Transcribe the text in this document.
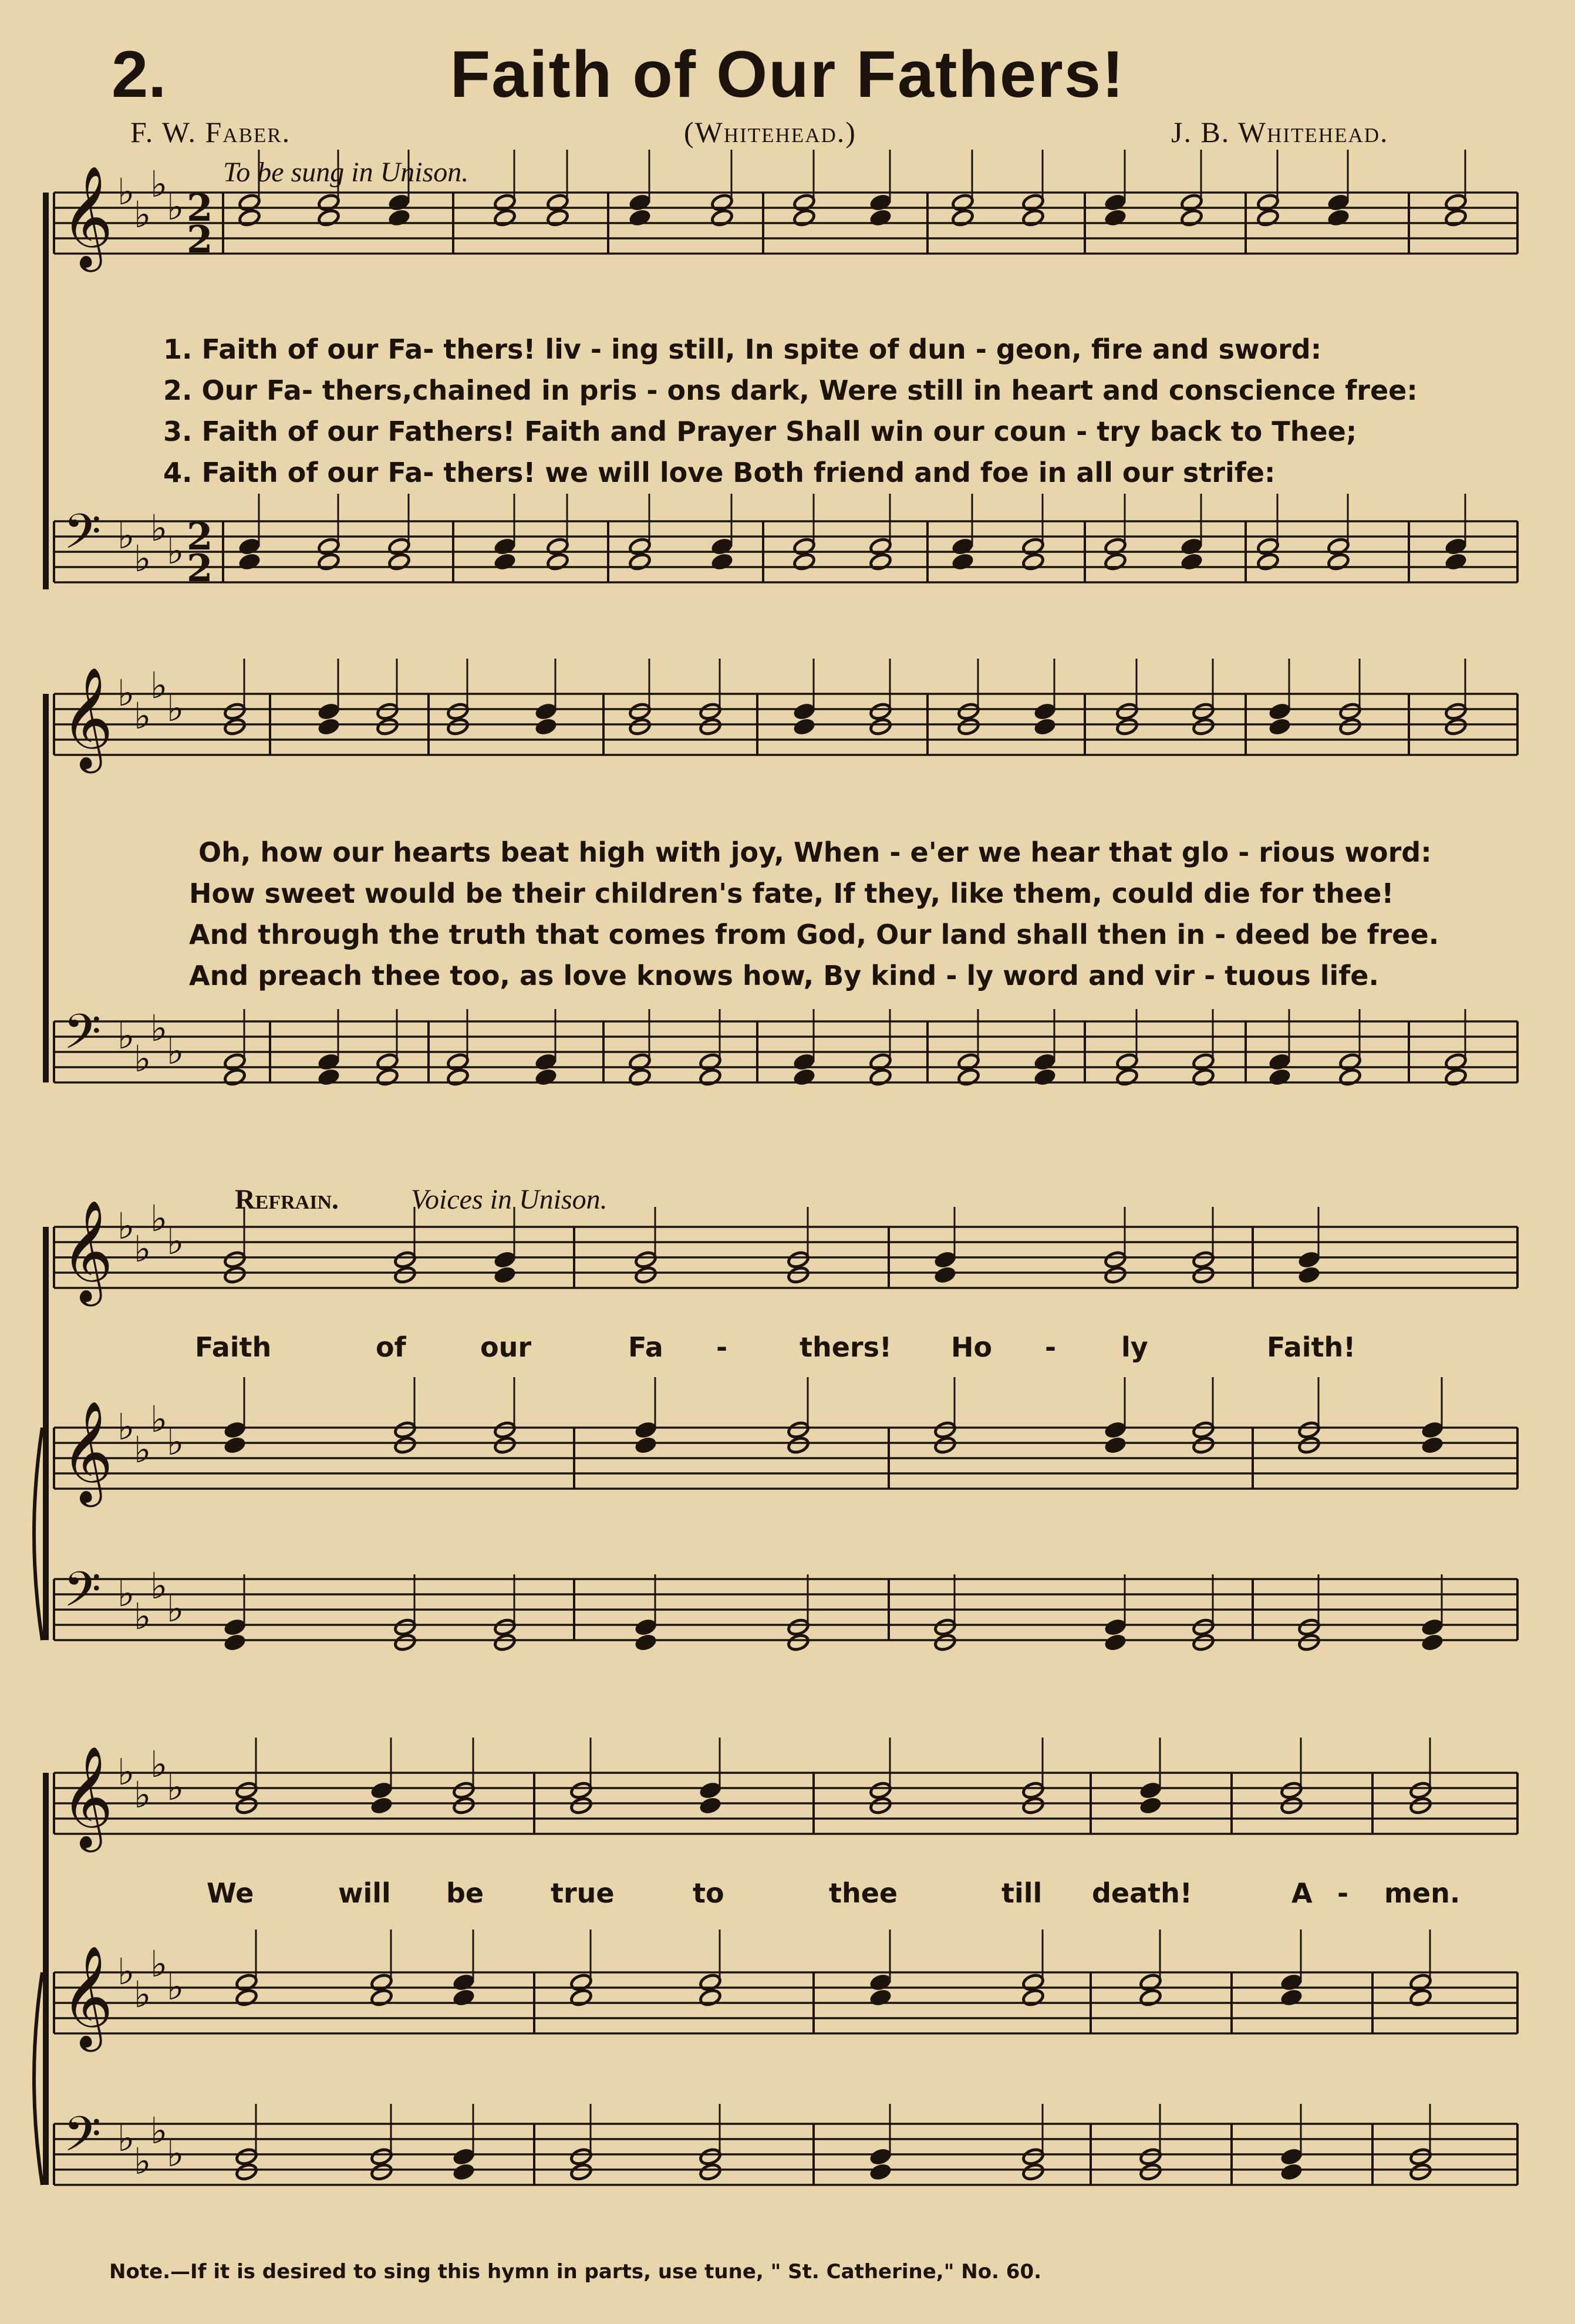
2.	Faith of Our Fathers!
F. W. Faber.	(Whitehead.)	J. B. Whitehead.
To be sung in Unison.
𝄞 ♭
♭
♭
♭ 2
2
𝄢 ♭
♭
♭
♭ 2
2
𝄞 ♭
♭
♭
♭
𝄢 ♭
♭
♭
♭
𝄞 ♭
♭
♭
♭
𝄞 ♭
♭
♭
♭
𝄢 ♭
♭
♭
♭
𝄞 ♭
♭
♭
♭
𝄞 ♭
♭
♭
♭
𝄢 ♭
♭
♭
♭
1. Faith of our Fa- thers! liv - ing still, In spite of dun - geon, fire and sword:
2. Our Fa- thers,chained in pris - ons dark, Were still in heart and conscience free:
3. Faith of our Fathers! Faith and Prayer Shall win our coun - try back to Thee;
4. Faith of our Fa- thers! we will love Both friend and foe in all our strife:
Oh, how our hearts beat high with joy, When - e'er we hear that glo - rious word:
How sweet would be their children's fate, If they, like them, could die for thee!
And through the truth that comes from God, Our land shall then in - deed be free.
And preach thee too, as love knows how, By kind - ly word and vir - tuous life.
Refrain.	Voices in Unison.
Faith	of	our	Fa -	thers! Ho - ly	Faith!
We	will be true	to	thee	till death!	A - men.
Note.—If it is desired to sing this hymn in parts, use tune, " St. Catherine," No. 60.
